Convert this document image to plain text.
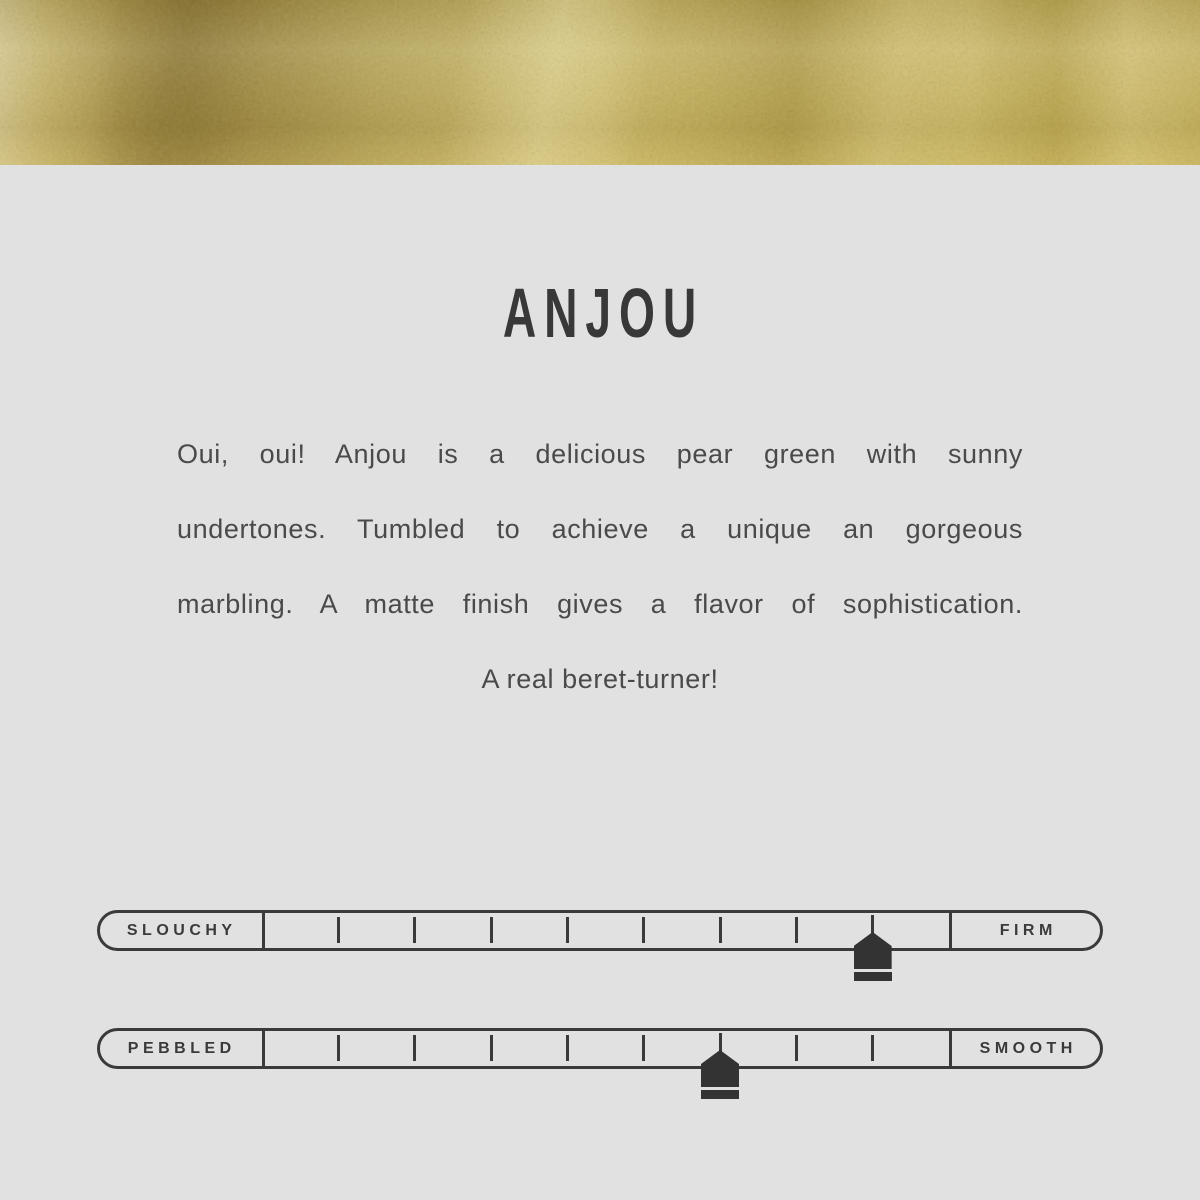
ANJOU
Oui, oui! Anjou is a delicious pear green with sunny
undertones. Tumbled to achieve a unique an gorgeous
marbling. A matte finish gives a flavor of sophistication.
A real beret-turner!
SLOUCHY	FIRM
PEBBLED	SMOOTH
